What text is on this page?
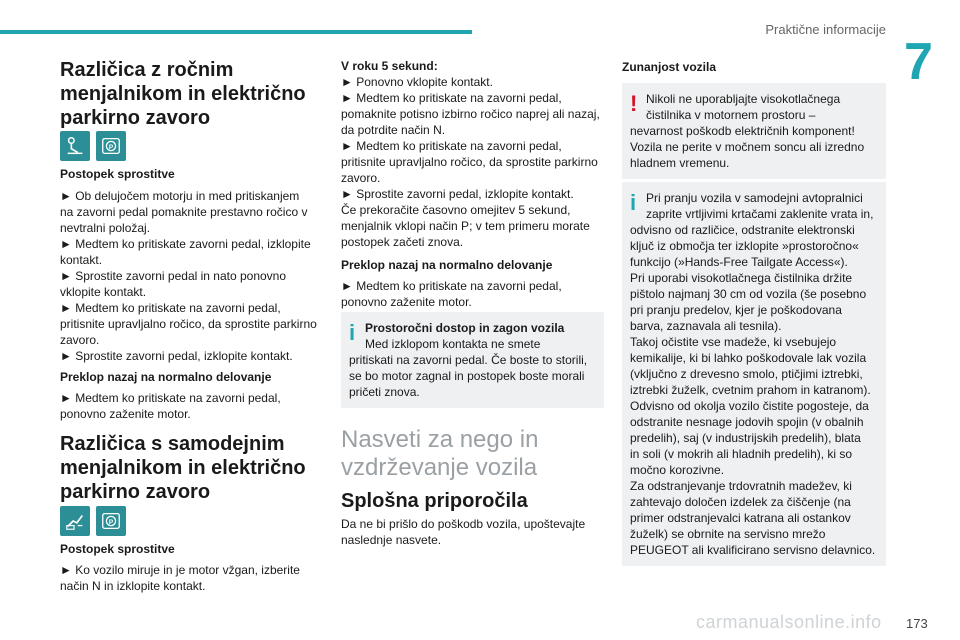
Praktične informacije
7

Različica z ročnim

menjalnikom in električno

parkirno zavoro

P

Postopek sprostitve

► Ob delujočem motorju in med pritiskanjem

na zavorni pedal pomaknite prestavno ročico v

nevtralni položaj.

► Medtem ko pritiskate zavorni pedal, izklopite

kontakt.

► Sprostite zavorni pedal in nato ponovno

vklopite kontakt.

► Medtem ko pritiskate na zavorni pedal,

pritisnite upravljalno ročico, da sprostite parkirno

zavoro.

► Sprostite zavorni pedal, izklopite kontakt.

Preklop nazaj na normalno delovanje

► Medtem ko pritiskate na zavorni pedal,

ponovno zaženite motor.

Različica s samodejnim

menjalnikom in električno

parkirno zavoro

P

Postopek sprostitve

► Ko vozilo miruje in je motor vžgan, izberite

način N in izklopite kontakt.

V roku 5 sekund:

► Ponovno vklopite kontakt.

► Medtem ko pritiskate na zavorni pedal,

pomaknite potisno izbirno ročico naprej ali nazaj,

da potrdite način N.

► Medtem ko pritiskate na zavorni pedal,

pritisnite upravljalno ročico, da sprostite parkirno

zavoro.

► Sprostite zavorni pedal, izklopite kontakt.

Če prekoračite časovno omejitev 5 sekund,

menjalnik vklopi način P; v tem primeru morate

postopek začeti znova.

Preklop nazaj na normalno delovanje

► Medtem ko pritiskate na zavorni pedal,

ponovno zaženite motor.

i Prostoročni dostop in zagon vozila

Med izklopom kontakta ne smete

pritiskati na zavorni pedal. Če boste to storili,

se bo motor zagnal in postopek boste morali

pričeti znova.

Nasveti za nego in

vzdrževanje vozila

Splošna priporočila

Da ne bi prišlo do poškodb vozila, upoštevajte

naslednje nasvete.

Zunanjost vozila

! Nikoli ne uporabljajte visokotlačnega

čistilnika v motornem prostoru –

nevarnost poškodb električnih komponent!

Vozila ne perite v močnem soncu ali izredno

hladnem vremenu.

i Pri pranju vozila v samodejni avtopralnici

zaprite vrtljivimi krtačami zaklenite vrata in,

odvisno od različice, odstranite elektronski

ključ iz območja ter izklopite »prostoročno«

funkcijo (»Hands-Free Tailgate Access«).

Pri uporabi visokotlačnega čistilnika držite

pištolo najmanj 30 cm od vozila (še posebno

pri pranju predelov, kjer je poškodovana

barva, zaznavala ali tesnila).

Takoj očistite vse madeže, ki vsebujejo

kemikalije, ki bi lahko poškodovale lak vozila

(vključno z drevesno smolo, ptičjimi iztrebki,

iztrebki žuželk, cvetnim prahom in katranom).

Odvisno od okolja vozilo čistite pogosteje, da

odstranite nesnage jodovih spojin (v obalnih

predelih), saj (v industrijskih predelih), blata

in soli (v mokrih ali hladnih predelih), ki so

močno korozivne.

Za odstranjevanje trdovratnih madežev, ki

zahtevajo določen izdelek za čiščenje (na

primer odstranjevalci katrana ali ostankov

žuželk) se obrnite na servisno mrežo

PEUGEOT ali kvalificirano servisno delavnico.

carmanualsonline.info 173
